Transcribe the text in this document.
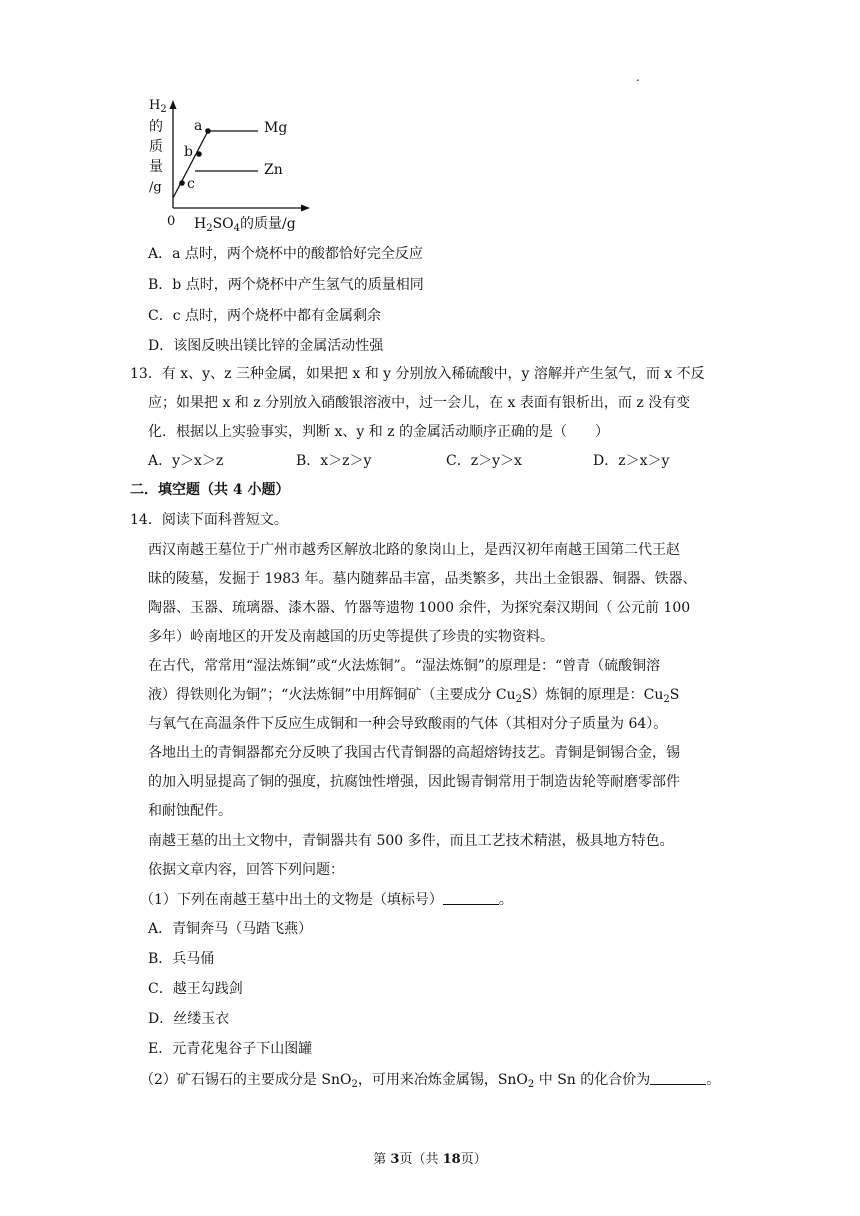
.
$H_2$
的
质
量
/g
0 $H_2SO_4$的质量/g
a
b
c
Mg
Zn
A．a 点时，两个烧杯中的酸都恰好完全反应
B．b 点时，两个烧杯中产生氢气的质量相同
C．c 点时，两个烧杯中都有金属剩余
D．该图反映出镁比锌的金属活动性强
13．有 x、y、z 三种金属，如果把 x 和 y 分别放入稀硫酸中，y 溶解并产生氢气，而 x 不反
应；如果把 x 和 z 分别放入硝酸银溶液中，过一会儿，在 x 表面有银析出，而 z 没有变
化．根据以上实验事实，判断 x、y 和 z 的金属活动顺序正确的是（　　）
A．y＞x＞z	B．x＞z＞y	C．z＞y＞x	D．z＞x＞y
二．填空题（共 4 小题）
14．阅读下面科普短文。
西汉南越王墓位于广州市越秀区解放北路的象岗山上，是西汉初年南越王国第二代王赵
昧的陵墓，发掘于 1983 年。墓内随葬品丰富，品类繁多，共出土金银器、铜器、铁器、
陶器、玉器、琉璃器、漆木器、竹器等遗物 1000 余件，为探究秦汉期间（ 公元前 100
多年）岭南地区的开发及南越国的历史等提供了珍贵的实物资料。
在古代，常常用“湿法炼铜”或“火法炼铜”。“湿法炼铜”的原理是：“曾青（硫酸铜溶
液）得铁则化为铜”；“火法炼铜”中用辉铜矿（主要成分 $Cu_2S$）炼铜的原理是：$Cu_2S$
与氧气在高温条件下反应生成铜和一种会导致酸雨的气体（其相对分子质量为 64）。
各地出土的青铜器都充分反映了我国古代青铜器的高超熔铸技艺。青铜是铜锡合金，锡
的加入明显提高了铜的强度，抗腐蚀性增强，因此锡青铜常用于制造齿轮等耐磨零部件
和耐蚀配件。
南越王墓的出土文物中，青铜器共有 500 多件，而且工艺技术精湛，极具地方特色。
依据文章内容，回答下列问题：
（1）下列在南越王墓中出土的文物是（填标号）	。
A．青铜奔马（马踏飞燕）
B．兵马俑
C．越王勾践剑
D．丝缕玉衣
E．元青花鬼谷子下山图罐
（2）矿石锡石的主要成分是 SnO$_2$，可用来冶炼金属锡，SnO$_2$ 中 Sn 的化合价为	。
第 3页（共 18页）
